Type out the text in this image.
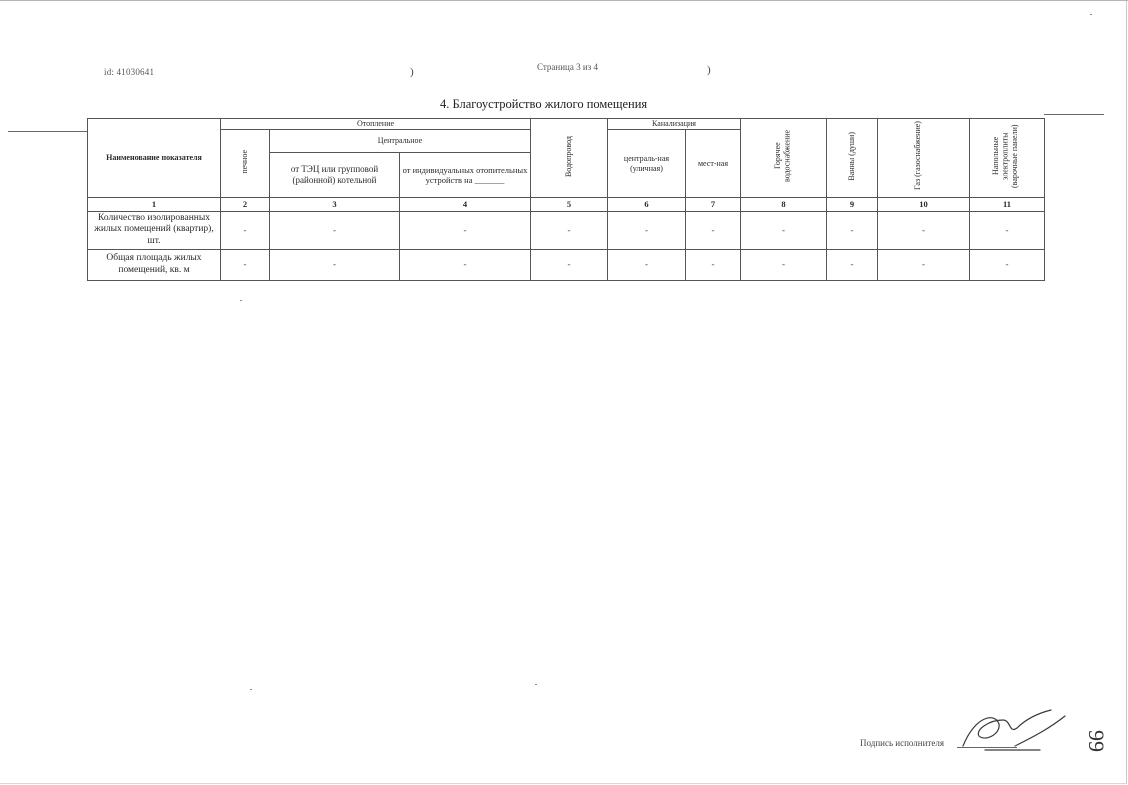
id: 41030641	)	Страница 3 из 4	)
4. Благоустройство жилого помещения
Наименование показателя	Отопление			Водопровод	Канализация		Горячее водоснабжение	Ванны (души)	Газ (газоснабжение)	Напольные электроплиты (варочные панели)
	печное	Центральное			централь-ная (уличная)	мест-ная				
		от ТЭЦ или групповой (районной) котельной	от индивидуальных отопительных устройств на _______							
1	2	3	4	5	6	7	8	9	10	11
Количество изолированных жилых помещений (квартир), шт.	-	-	-	-	-	-	-	-	-	-
Общая площадь жилых помещений, кв. м	-	-	-	-	-	-	-	-	-	-
Подпись исполнителя	99
